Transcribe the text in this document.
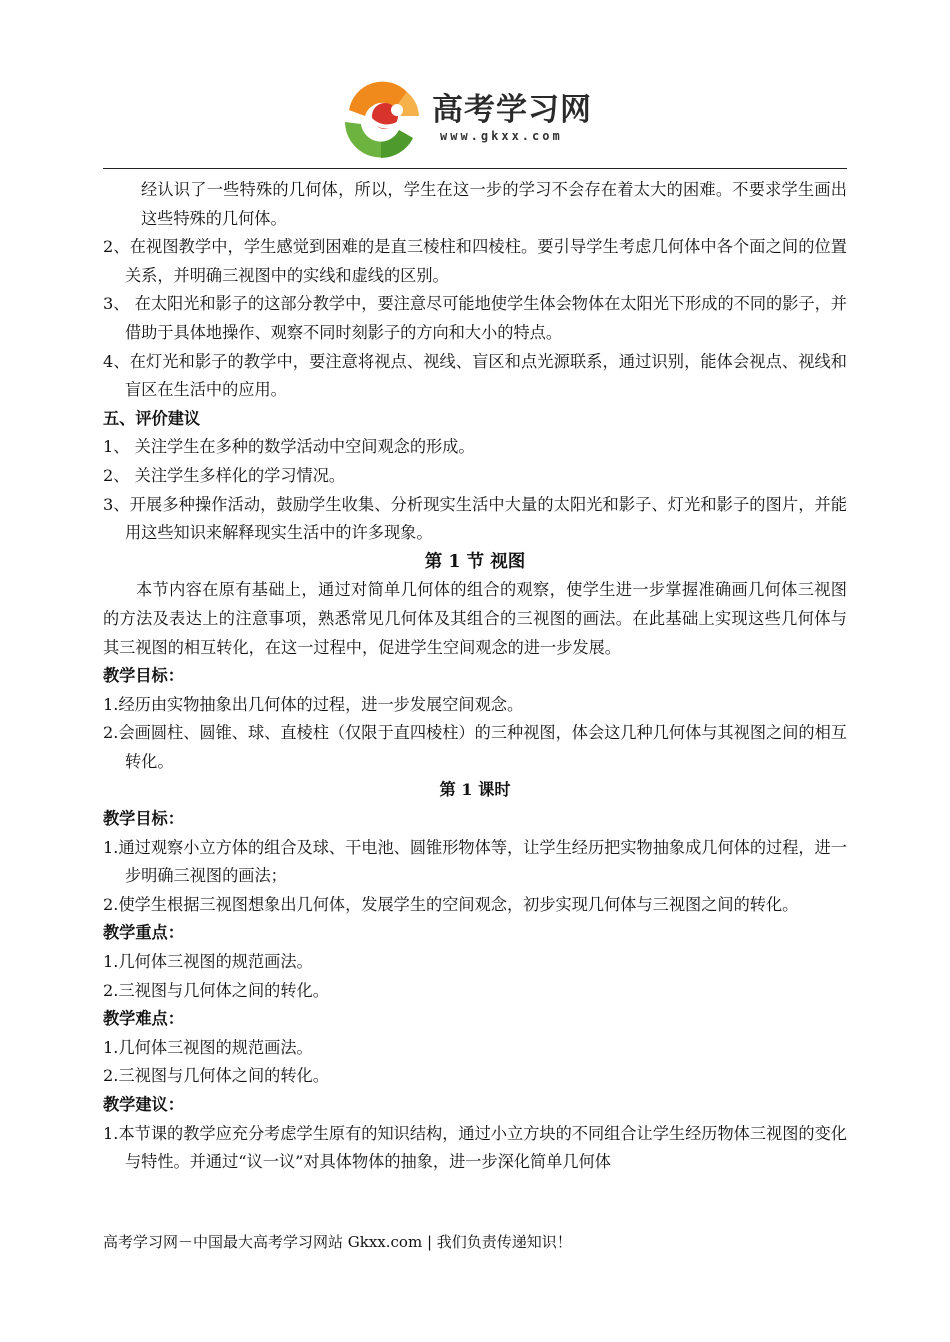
高考学习网
www.gkxx.com

经认识了一些特殊的几何体，所以，学生在这一步的学习不会存在着太大的困难。不要求学生画出这些特殊的几何体。

2、在视图教学中，学生感觉到困难的是直三棱柱和四棱柱。要引导学生考虑几何体中各个面之间的位置关系，并明确三视图中的实线和虚线的区别。

3、 在太阳光和影子的这部分教学中，要注意尽可能地使学生体会物体在太阳光下形成的不同的影子，并借助于具体地操作、观察不同时刻影子的方向和大小的特点。

4、在灯光和影子的教学中，要注意将视点、视线、盲区和点光源联系，通过识别，能体会视点、视线和盲区在生活中的应用。

五、评价建议

1、 关注学生在多种的数学活动中空间观念的形成。

2、 关注学生多样化的学习情况。

3、开展多种操作活动，鼓励学生收集、分析现实生活中大量的太阳光和影子、灯光和影子的图片，并能用这些知识来解释现实生活中的许多现象。

第 1 节 视图

本节内容在原有基础上，通过对简单几何体的组合的观察，使学生进一步掌握准确画几何体三视图的方法及表达上的注意事项，熟悉常见几何体及其组合的三视图的画法。在此基础上实现这些几何体与其三视图的相互转化，在这一过程中，促进学生空间观念的进一步发展。

教学目标：

1.经历由实物抽象出几何体的过程，进一步发展空间观念。

2.会画圆柱、圆锥、球、直棱柱（仅限于直四棱柱）的三种视图，体会这几种几何体与其视图之间的相互转化。

第 1 课时

教学目标：

1.通过观察小立方体的组合及球、干电池、圆锥形物体等，让学生经历把实物抽象成几何体的过程，进一步明确三视图的画法；

2.使学生根据三视图想象出几何体，发展学生的空间观念，初步实现几何体与三视图之间的转化。

教学重点：

1.几何体三视图的规范画法。

2.三视图与几何体之间的转化。

教学难点：

1.几何体三视图的规范画法。

2.三视图与几何体之间的转化。

教学建议：

1.本节课的教学应充分考虑学生原有的知识结构，通过小立方块的不同组合让学生经历物体三视图的变化与特性。并通过“议一议”对具体物体的抽象，进一步深化简单几何体

高考学习网－中国最大高考学习网站 Gkxx.com | 我们负责传递知识！
